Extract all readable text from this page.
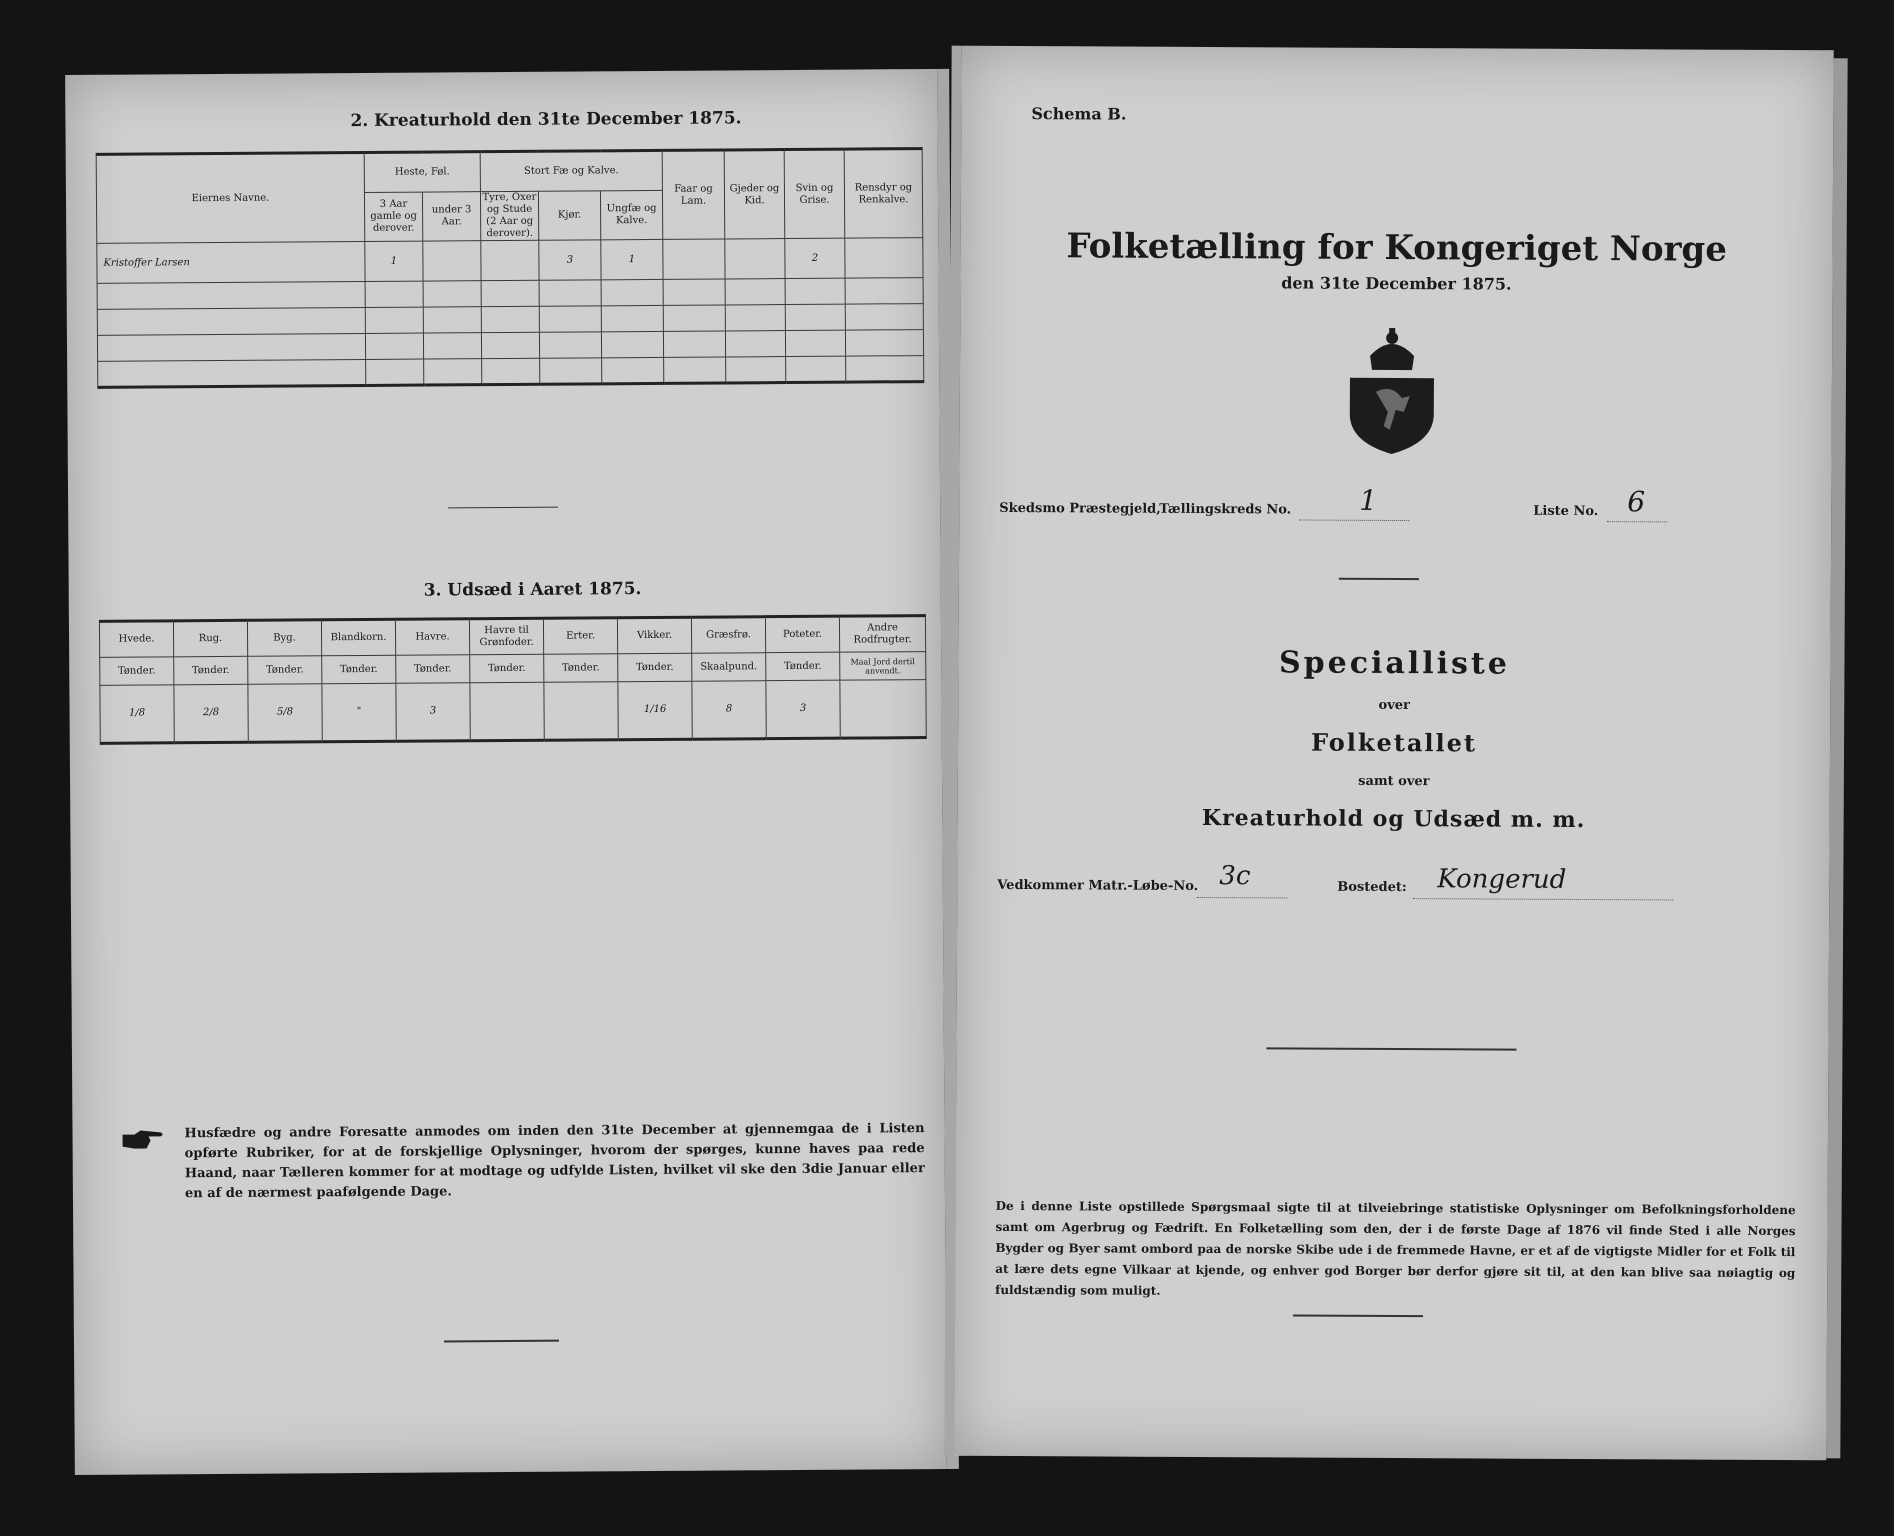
2. Kreaturhold den 31te December 1875.
Eiernes Navne.	Heste, Føl.		Stort Fæ og Kalve.			Faar og Lam.	Gjeder og Kid.	Svin og Grise.	Rensdyr og Renkalve.
	3 Aar gamle og derover.	under 3 Aar.	Tyre, Oxer og Stude (2 Aar og derover).	Kjør.	Ungfæ og Kalve.				
Kristoffer Larsen	1			3	1			2	

3. Udsæd i Aaret 1875.
Hvede.	Rug.	Byg.	Blandkorn.	Havre.	Havre til Grønfoder.	Erter.	Vikker.	Græsfrø.	Poteter.	Andre Rodfrugter.
Tønder.	Tønder.	Tønder.	Tønder.	Tønder.	Tønder.	Tønder.	Tønder.	Skaalpund.	Tønder.	Maal Jord dertil anvendt.
1/8	2/8	5/8	"	3			1/16	8	3	
Husfædre og andre Foresatte anmodes om inden den 31te December at gjennemgaa de i Listen opførte Rubriker, for at de forskjellige Oplysninger, hvorom der spørges, kunne haves paa rede Haand, naar Tælleren kommer for at modtage og udfylde Listen, hvilket vil ske den 3die Januar eller en af de nærmest paafølgende Dage.
Schema B.
Folketælling for Kongeriget Norge
den 31te December 1875.
Skedsmo Præstegjeld,
Tællingskreds No. 1	Liste No. 6
Specialliste
over
Folketallet
samt over
Kreaturhold og Udsæd m. m.
Vedkommer Matr.-Løbe-No. 3c	Bostedet: Kongerud
De i denne Liste opstillede Spørgsmaal sigte til at tilveiebringe statistiske Oplysninger om Befolkningsforholdene samt om Agerbrug og Fædrift. En Folketælling som den, der i de første Dage af 1876 vil finde Sted i alle Norges Bygder og Byer samt ombord paa de norske Skibe ude i de fremmede Havne, er et af de vigtigste Midler for et Folk til at lære dets egne Vilkaar at kjende, og enhver god Borger bør derfor gjøre sit til, at den kan blive saa nøiagtig og fuldstændig som muligt.
